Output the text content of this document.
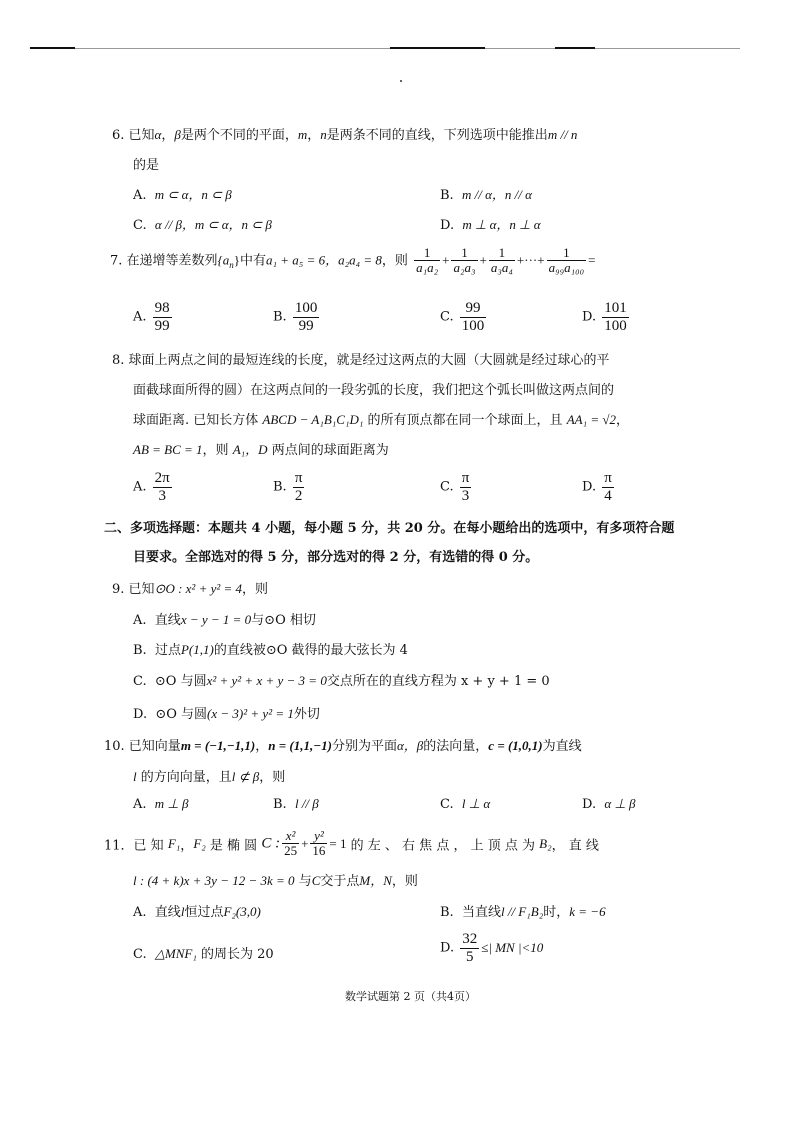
6. 已知α，β是两个不同的平面，m，n是两条不同的直线，下列选项中能推出m // n
的是
A. m ⊂ α，n ⊂ β	B. m // α，n // α
C. α // β，m ⊂ α，n ⊂ β	D. m ⊥ α，n ⊥ α
7. 在递增等差数列$\{a_n\}$中有a₁ + a₅ = 6，a₂a₄ = 8，则 $\frac{1}{\text{a₁a₂}} + \frac{1}{\text{a₂a₃}} + \frac{1}{\text{a₃a₄}}$ +···+ $\frac{1}{\text{a₉₉a₁₀₀}}$ =
A. $\frac{98}{99}$	B. $\frac{100}{99}$	C. $\frac{99}{100}$	D. $\frac{101}{100}$
8. 球面上两点之间的最短连线的长度，就是经过这两点的大圆（大圆就是经过球心的平
面截球面所得的圆）在这两点间的一段劣弧的长度，我们把这个弧长叫做这两点间的
球面距离. 已知长方体 ABCD − A₁B₁C₁D₁ 的所有顶点都在同一个球面上，且 AA₁ = √2，
AB = BC = 1，则 A₁，D 两点间的球面距离为
A. $\frac{2\pi}{3}$	B. $\frac{\pi}{2}$	C. $\frac{\pi}{3}$	D. $\frac{\pi}{4}$
二、多项选择题：本题共 4 小题，每小题 5 分，共 20 分。在每小题给出的选项中，有多项符合题
目要求。全部选对的得 5 分，部分选对的得 2 分，有选错的得 0 分。
9. 已知⊙O : x² + y² = 4，则
A. 直线x − y − 1 = 0与⊙O 相切
B. 过点P(1,1)的直线被⊙O 截得的最大弦长为 4
C. ⊙O 与圆x² + y² + x + y − 3 = 0交点所在的直线方程为 x + y + 1 = 0
D. ⊙O 与圆(x − 3)² + y² = 1外切
10. 已知向量m = (−1,−1,1)，n = (1,1,−1)分别为平面α，β的法向量，c = (1,0,1)为直线
l 的方向向量，且l ⊄ β，则
A. m ⊥ β	B. l // β	C. l ⊥ α	D. α ⊥ β
11．已 知 F₁，F₂ 是 椭 圆 C : $\frac{\text{x²}}{25} + \frac{\text{y²}}{16} = 1$ 的 左 、 右 焦 点 ， 上 顶 点 为 B₂， 直 线
l : (4 + k)x + 3y − 12 − 3k = 0 与C交于点M，N，则
A. 直线l恒过点F₂(3,0)	B. 当直线l // F₁B₂时，k = −6
C. △MNF₁ 的周长为 20	D. $\frac{32}{5}$ ≤| MN |<10
数学试题第 2 页（共4页）
